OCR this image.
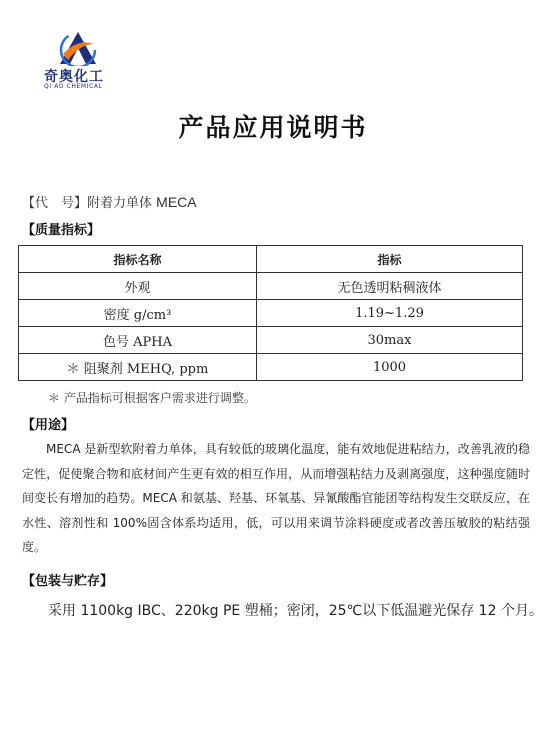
奇奥化工
QI AO CHEMICAL
产品应用说明书
【代　号】附着力单体 MECA
【质量指标】
指标名称	指标
外观	无色透明粘稠液体
密度 g/cm³	1.19~1.29
色号 APHA	30max
＊ 阻聚剂 MEHQ, ppm	1000
＊ 产品指标可根据客户需求进行调整。
【用途】
MECA 是新型软附着力单体，具有较低的玻璃化温度，能有效地促进粘结力，改善乳液的稳定性，促使聚合物和底材间产生更有效的相互作用，从而增强粘结力及剥离强度，这种强度随时间变长有增加的趋势。MECA 和氨基、羟基、环氧基、异氰酸酯官能团等结构发生交联反应，在水性、溶剂性和 100%固含体系均适用，低，可以用来调节涂料硬度或者改善压敏胶的粘结强度。
【包装与贮存】
采用 1100kg IBC、220kg PE 塑桶；密闭，25℃以下低温避光保存 12 个月。
